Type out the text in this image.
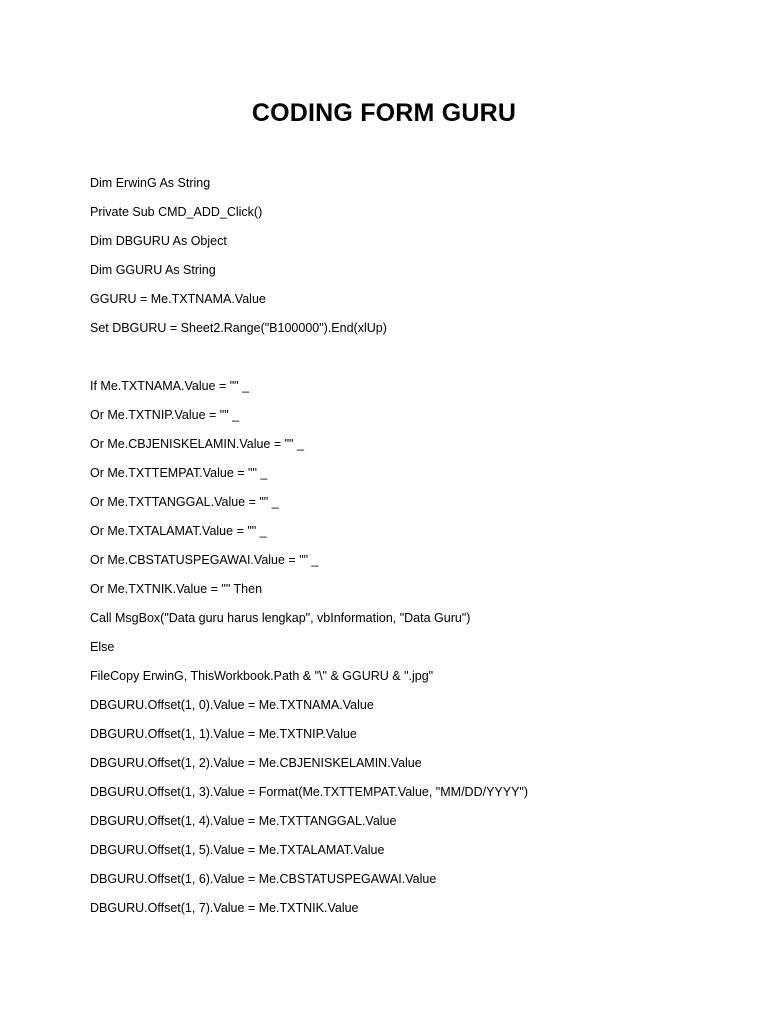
CODING FORM GURU
Dim ErwinG As String
Private Sub CMD_ADD_Click()
Dim DBGURU As Object
Dim GGURU As String
GGURU = Me.TXTNAMA.Value
Set DBGURU = Sheet2.Range("B100000").End(xlUp)
If Me.TXTNAMA.Value = "" _
Or Me.TXTNIP.Value = "" _
Or Me.CBJENISKELAMIN.Value = "" _
Or Me.TXTTEMPAT.Value = "" _
Or Me.TXTTANGGAL.Value = "" _
Or Me.TXTALAMAT.Value = "" _
Or Me.CBSTATUSPEGAWAI.Value = "" _
Or Me.TXTNIK.Value = "" Then
Call MsgBox("Data guru harus lengkap", vbInformation, "Data Guru")
Else
FileCopy ErwinG, ThisWorkbook.Path & "\" & GGURU & ".jpg"
DBGURU.Offset(1, 0).Value = Me.TXTNAMA.Value
DBGURU.Offset(1, 1).Value = Me.TXTNIP.Value
DBGURU.Offset(1, 2).Value = Me.CBJENISKELAMIN.Value
DBGURU.Offset(1, 3).Value = Format(Me.TXTTEMPAT.Value, "MM/DD/YYYY")
DBGURU.Offset(1, 4).Value = Me.TXTTANGGAL.Value
DBGURU.Offset(1, 5).Value = Me.TXTALAMAT.Value
DBGURU.Offset(1, 6).Value = Me.CBSTATUSPEGAWAI.Value
DBGURU.Offset(1, 7).Value = Me.TXTNIK.Value
